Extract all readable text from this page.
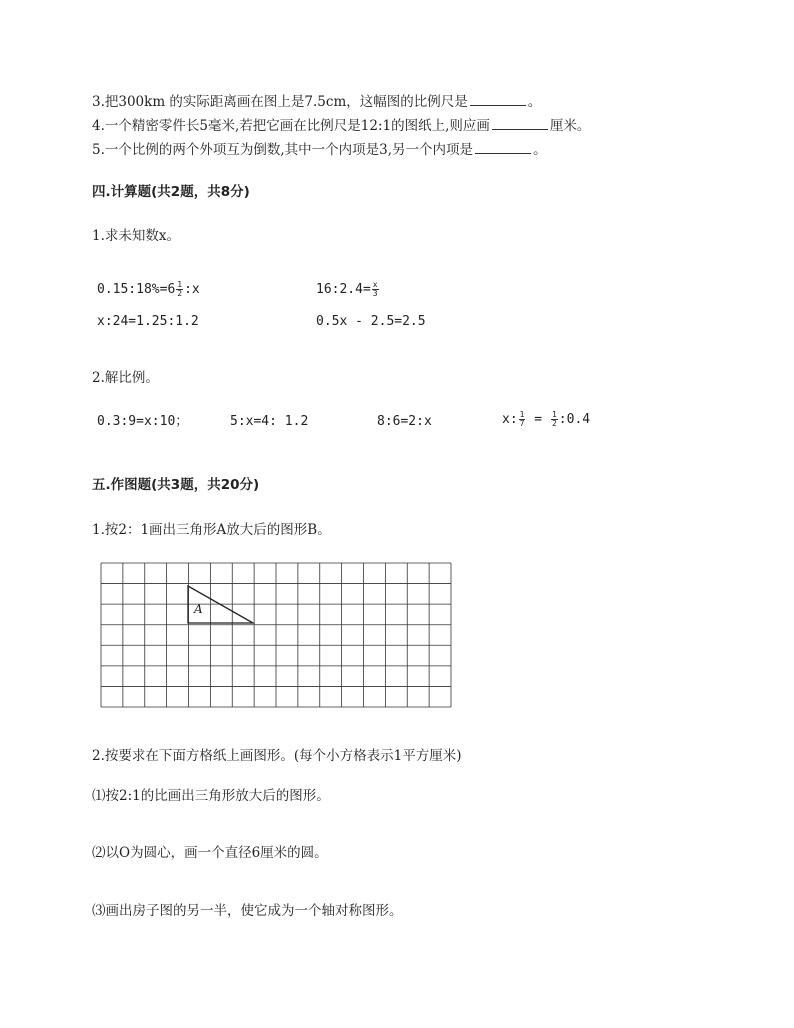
3.把300km 的实际距离画在图上是7.5cm，这幅图的比例尺是	。
4.一个精密零件长5毫米,若把它画在比例尺是12:1的图纸上,则应画	厘米。
5.一个比例的两个外项互为倒数,其中一个内项是3,另一个内项是	。
四.计算题(共2题，共8分)
1.求未知数x。
0.15:18%=6 $\frac{1}{2}$ :x	16:2.4= $\frac{x}{3}$
x:24=1.25:1.2	0.5x - 2.5=2.5
2.解比例。
0.3:9=x:10；	5:x=4: 1.2	8:6=2:x	x: $\frac{1}{7} = \frac{1}{2}$ :0.4
五.作图题(共3题，共20分)
1.按2：1画出三角形A放大后的图形B。
A
2.按要求在下面方格纸上画图形。(每个小方格表示1平方厘米)
⑴按2:1的比画出三角形放大后的图形。
⑵以O为圆心，画一个直径6厘米的圆。
⑶画出房子图的另一半，使它成为一个轴对称图形。
